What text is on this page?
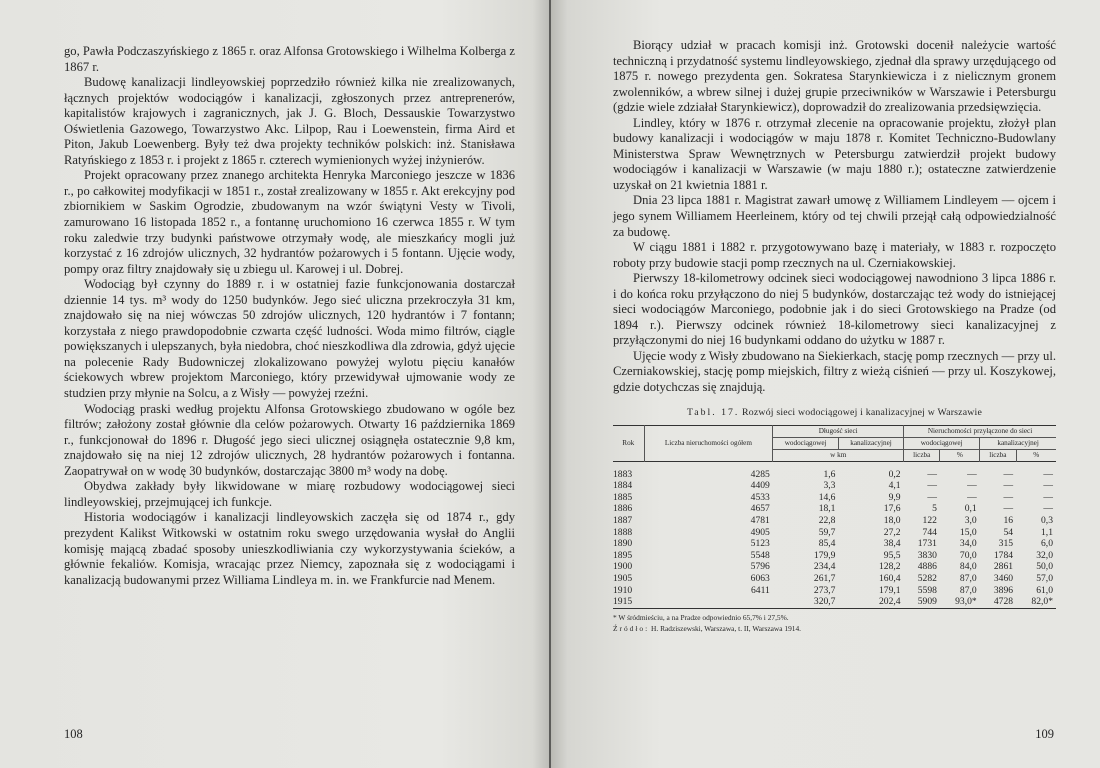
go, Pawła Podczaszyńskiego z 1865 r. oraz Alfonsa Grotowskiego i Wilhelma Kolberga z 1867 r.

Budowę kanalizacji lindleyowskiej poprzedziło również kilka nie zrealizowanych, łącznych projektów wodociągów i kanalizacji, zgłoszonych przez antreprenerów, kapitalistów krajowych i zagranicznych, jak J. G. Bloch, Dessauskie Towarzystwo Oświetlenia Gazowego, Towarzystwo Akc. Lilpop, Rau i Loewenstein, firma Aird et Piton, Jakub Loewenberg. Były też dwa projekty techników polskich: inż. Stanisława Ratyńskiego z 1853 r. i projekt z 1865 r. czterech wymienionych wyżej inżynierów.

Projekt opracowany przez znanego architekta Henryka Marconiego jeszcze w 1836 r., po całkowitej modyfikacji w 1851 r., został zrealizowany w 1855 r. Akt erekcyjny pod zbiornikiem w Saskim Ogrodzie, zbudowanym na wzór świątyni Vesty w Tivoli, zamurowano 16 listopada 1852 r., a fontannę uruchomiono 16 czerwca 1855 r. W tym roku zaledwie trzy budynki państwowe otrzymały wodę, ale mieszkańcy mogli już korzystać z 16 zdrojów ulicznych, 32 hydrantów pożarowych i 5 fontann. Ujęcie wody, pompy oraz filtry znajdowały się u zbiegu ul. Karowej i ul. Dobrej.

Wodociąg był czynny do 1889 r. i w ostatniej fazie funkcjonowania dostarczał dziennie 14 tys. m³ wody do 1250 budynków. Jego sieć uliczna przekroczyła 31 km, znajdowało się na niej wówczas 50 zdrojów ulicznych, 120 hydrantów i 7 fontann; korzystała z niego prawdopodobnie czwarta część ludności. Woda mimo filtrów, ciągle powiększanych i ulepszanych, była niedobra, choć nieszkodliwa dla zdrowia, gdyż ujęcie na polecenie Rady Budowniczej zlokalizowano powyżej wylotu pięciu kanałów ściekowych wbrew projektom Marconiego, który przewidywał ujmowanie wody ze studzien przy młynie na Solcu, a z Wisły — powyżej rzeźni.

Wodociąg praski według projektu Alfonsa Grotowskiego zbudowano w ogóle bez filtrów; założony został głównie dla celów pożarowych. Otwarty 16 października 1869 r., funkcjonował do 1896 r. Długość jego sieci ulicznej osiągnęła ostatecznie 9,8 km, znajdowało się na niej 12 zdrojów ulicznych, 28 hydrantów pożarowych i fontanna. Zaopatrywał on w wodę 30 budynków, dostarczając 3800 m³ wody na dobę.

Obydwa zakłady były likwidowane w miarę rozbudowy wodociągowej sieci lindleyowskiej, przejmującej ich funkcje.

Historia wodociągów i kanalizacji lindleyowskich zaczęła się od 1874 r., gdy prezydent Kalikst Witkowski w ostatnim roku swego urzędowania wysłał do Anglii komisję mającą zbadać sposoby unieszkodliwiania czy wykorzystywania ścieków, a głównie fekaliów. Komisja, wracając przez Niemcy, zapoznała się z wodociągami i kanalizacją budowanymi przez Williama Lindleya m. in. we Frankfurcie nad Menem.

108

Biorący udział w pracach komisji inż. Grotowski docenił należycie wartość techniczną i przydatność systemu lindleyowskiego, zjednał dla sprawy urzędującego od 1875 r. nowego prezydenta gen. Sokratesa Starynkiewicza i z nielicznym gronem zwolenników, a wbrew silnej i dużej grupie przeciwników w Warszawie i Petersburgu (gdzie wiele zdziałał Starynkiewicz), doprowadził do zrealizowania przedsięwzięcia.

Lindley, który w 1876 r. otrzymał zlecenie na opracowanie projektu, złożył plan budowy kanalizacji i wodociągów w maju 1878 r. Komitet Techniczno-Budowlany Ministerstwa Spraw Wewnętrznych w Petersburgu zatwierdził projekt budowy wodociągów i kanalizacji w Warszawie (w maju 1880 r.); ostateczne zatwierdzenie uzyskał on 21 kwietnia 1881 r.

Dnia 23 lipca 1881 r. Magistrat zawarł umowę z Williamem Lindleyem — ojcem i jego synem Williamem Heerleinem, który od tej chwili przejął całą odpowiedzialność za budowę.

W ciągu 1881 i 1882 r. przygotowywano bazę i materiały, w 1883 r. rozpoczęto roboty przy budowie stacji pomp rzecznych na ul. Czerniakowskiej.

Pierwszy 18-kilometrowy odcinek sieci wodociągowej nawodniono 3 lipca 1886 r. i do końca roku przyłączono do niej 5 budynków, dostarczając też wody do istniejącej sieci wodociągów Marconiego, podobnie jak i do sieci Grotowskiego na Pradze (od 1894 r.). Pierwszy odcinek również 18-kilometrowy sieci kanalizacyjnej z przyłączonymi do niej 16 budynkami oddano do użytku w 1887 r.

Ujęcie wody z Wisły zbudowano na Siekierkach, stację pomp rzecznych — przy ul. Czerniakowskiej, stację pomp miejskich, filtry z wieżą ciśnień — przy ul. Koszykowej, gdzie dotychczas się znajdują.

Tabl. 17. Rozwój sieci wodociągowej i kanalizacyjnej w Warszawie
Rok	Liczba nieruchomości ogółem	Długość sieci		Nieruchomości przyłączone do sieci			
		wodociągowej	kanalizacyjnej	wodociągowej		kanalizacyjnej	
		w km		liczba	%	liczba	%
1883	4285	1,6	0,2	—	—	—	—
1884	4409	3,3	4,1	—	—	—	—
1885	4533	14,6	9,9	—	—	—	—
1886	4657	18,1	17,6	5	0,1	—	—
1887	4781	22,8	18,0	122	3,0	16	0,3
1888	4905	59,7	27,2	744	15,0	54	1,1
1890	5123	85,4	38,4	1731	34,0	315	6,0
1895	5548	179,9	95,5	3830	70,0	1784	32,0
1900	5796	234,4	128,2	4886	84,0	2861	50,0
1905	6063	261,7	160,4	5282	87,0	3460	57,0
1910	6411	273,7	179,1	5598	87,0	3896	61,0
1915		320,7	202,4	5909	93,0*	4728	82,0*
* W śródmieściu, a na Pradze odpowiednio 65,7% i 27,5%.
Źródło: H. Radziszewski, Warszawa, t. II, Warszawa 1914.
109
